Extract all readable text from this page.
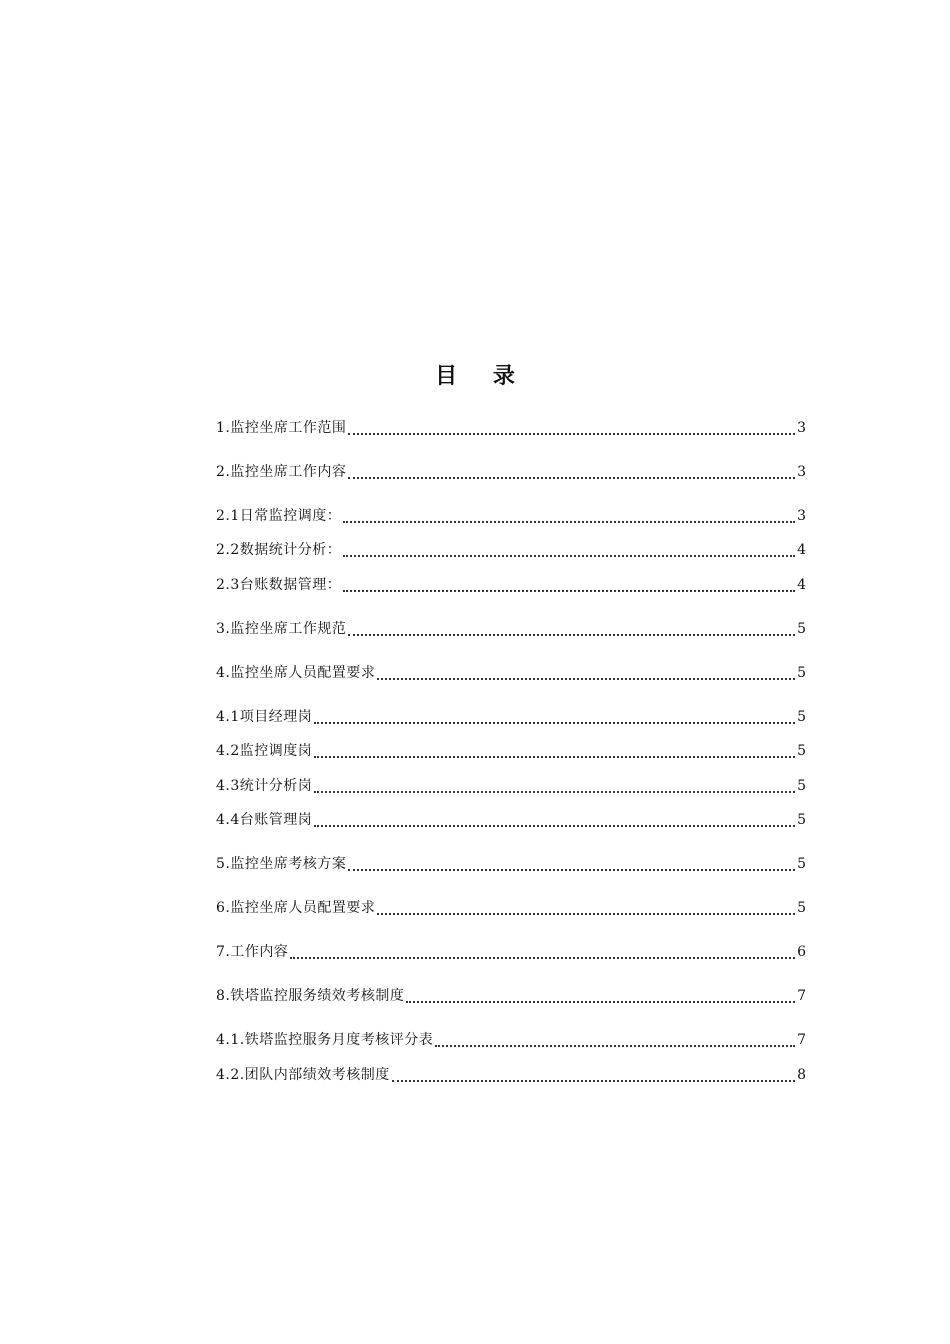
目 录
1.监控坐席工作范围	3
2.监控坐席工作内容	3
2.1日常监控调度：	3
2.2数据统计分析：	4
2.3台账数据管理：	4
3.监控坐席工作规范	5
4.监控坐席人员配置要求	5
4.1项目经理岗	5
4.2监控调度岗	5
4.3统计分析岗	5
4.4台账管理岗	5
5.监控坐席考核方案	5
6.监控坐席人员配置要求	5
7.工作内容	6
8.铁塔监控服务绩效考核制度	7
4.1.铁塔监控服务月度考核评分表	7
4.2.团队内部绩效考核制度	8
